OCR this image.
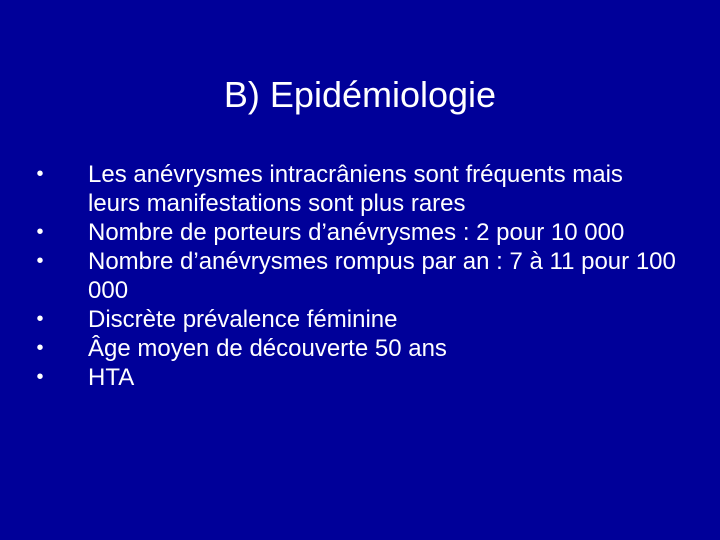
B) Epidémiologie
• Les anévrysmes intracrâniens sont fréquents mais leurs manifestations sont plus rares
• Nombre de porteurs d’anévrysmes : 2 pour 10 000
• Nombre d’anévrysmes rompus par an : 7 à 11 pour 100 000
• Discrète prévalence féminine
• Âge moyen de découverte 50 ans
• HTA
